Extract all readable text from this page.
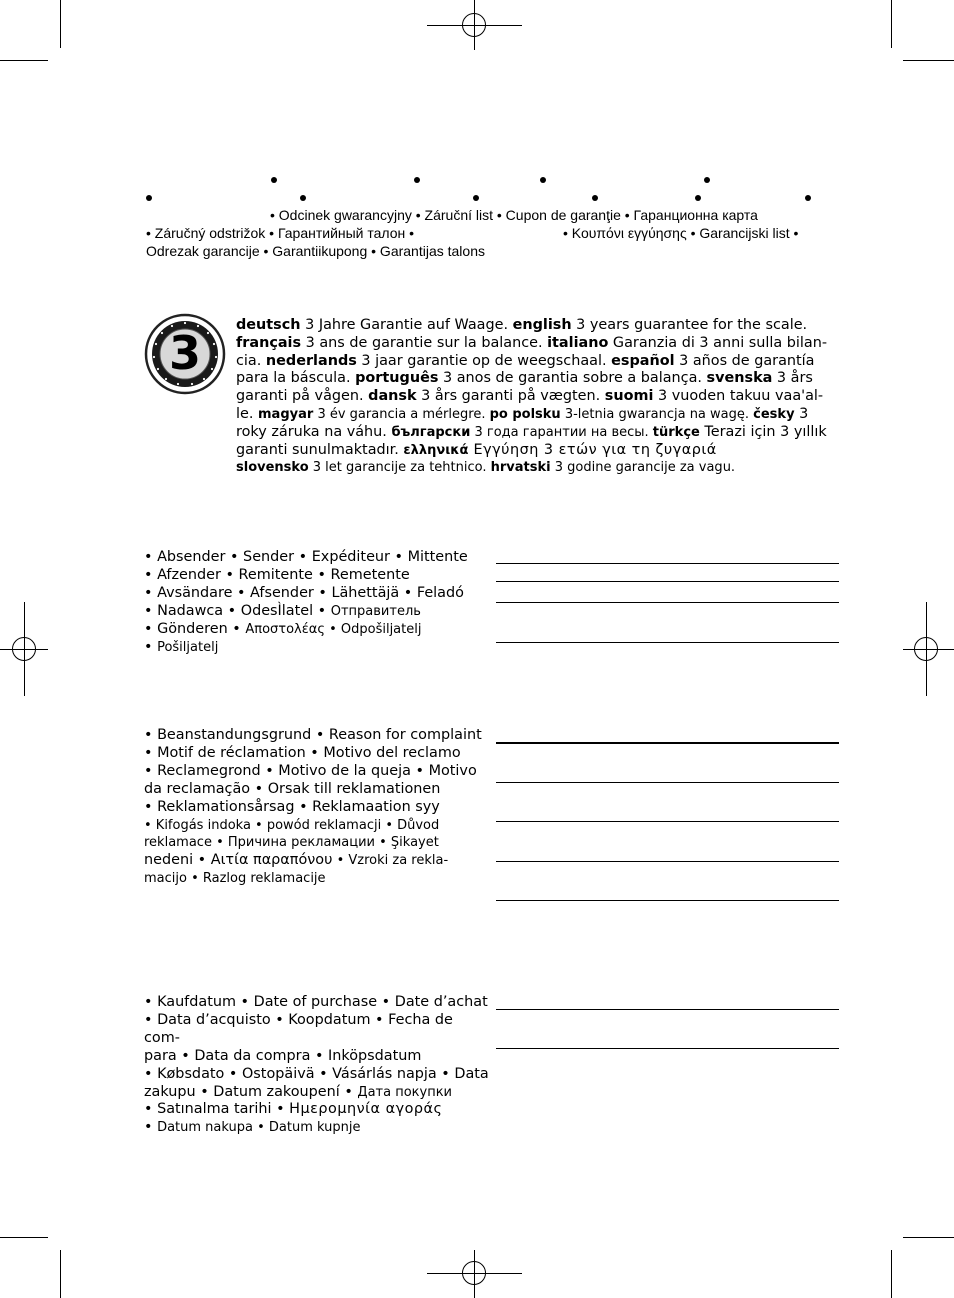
• Odcinek gwarancyjny • Záruční list • Cupon de garanţie • Гаранционна карта
• Záručný odstrižok • Гарантийный талон •	• Κουπόνι εγγύησης • Garancijski list •
Odrezak garancije • Garantiikupong • Garantijas talons
3
deutsch 3 Jahre Garantie auf Waage. english 3 years guarantee for the scale. français 3 ans de garantie sur la balance. italiano Garanzia di 3 anni sulla bilan-cia. nederlands 3 jaar garantie op de weegschaal. español 3 años de garantía para la báscula. português 3 anos de garantia sobre a balança. svenska 3 års garanti på vågen. dansk 3 års garanti på vægten. suomi 3 vuoden takuu vaa'al-le. magyar 3 év garancia a mérlegre. po polsku 3-letnia gwarancja na wagę. česky 3 roky záruka na váhu. български 3 года гарантии на весы. türkçe Terazi için 3 yıllık garanti sunulmaktadır. ελληνικά Εγγύηση 3 ετών για τη ζυγαριά
slovensko 3 let garancije za tehtnico. hrvatski 3 godine garancije za vagu.
• Absender • Sender • Expéditeur • Mittente
• Afzender • Remitente • Remetente
• Avsändare • Afsender • Lähettäjä • Feladó
• Nadawca • OdesÌlatel • Отправитель
• Gönderen • Αποστολέας • Odpošiljatelj
• Pošiljatelj
• Beanstandungsgrund • Reason for complaint
• Motif de réclamation • Motivo del reclamo
• Reclamegrond • Motivo de la queja • Motivo
da reclamação • Orsak till reklamationen
• Reklamationsårsag • Reklamaation syy
• Kifogás indoka • powód reklamacji • Důvod
reklamace • Причина рекламации • Şikayet
nedeni • Αιτία παραπόνου • Vzroki za rekla-
macijo • Razlog reklamacije
• Kaufdatum • Date of purchase • Date d’achat
• Data d’acquisto • Koopdatum • Fecha de com-
para • Data da compra • Inköpsdatum
• Købsdato • Ostopäivä • Vásárlás napja • Data
zakupu • Datum zakoupení • Дата покупки
• Satınalma tarihi • Ημερομηνία αγοράς
• Datum nakupa • Datum kupnje
